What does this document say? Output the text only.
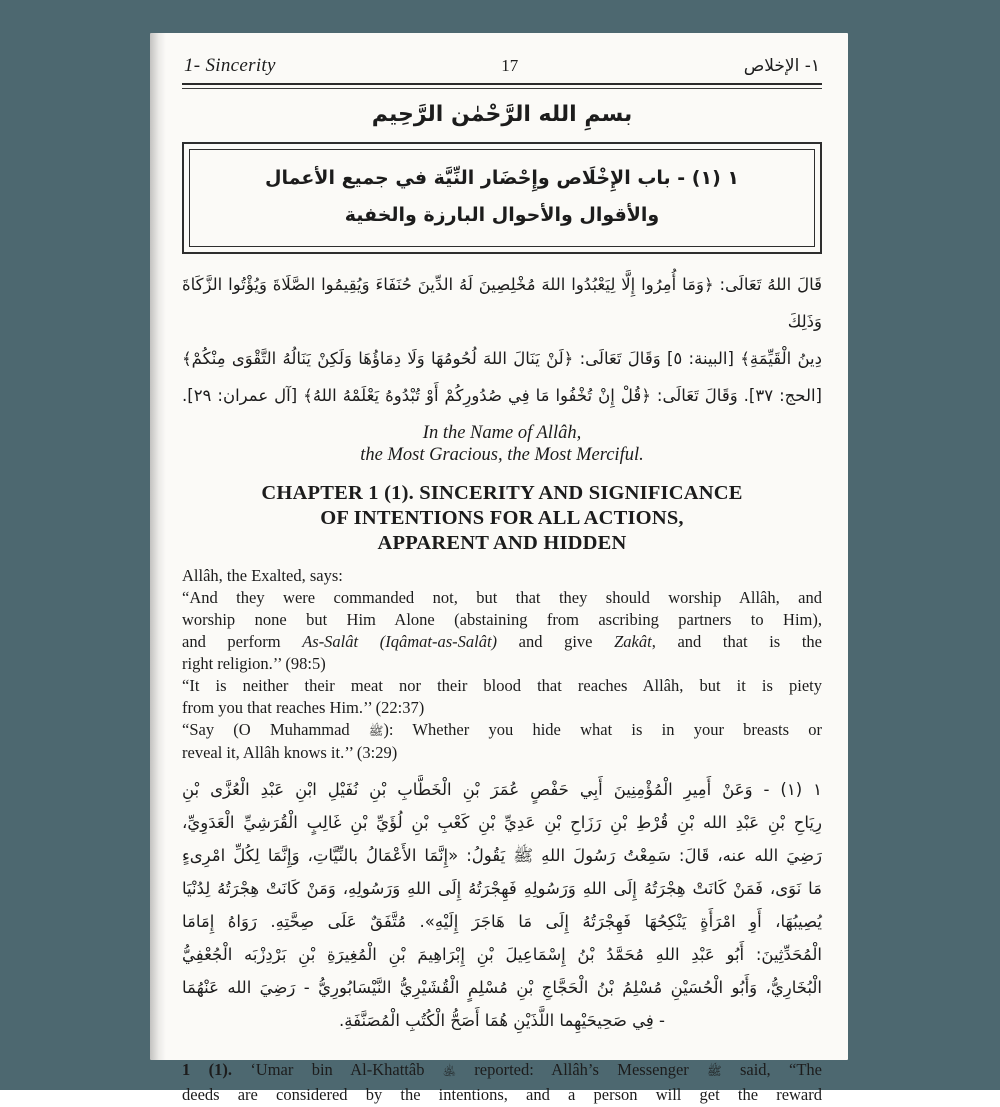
1- Sincerity	17	١- الإخلاص
بسمِ الله الرَّحْمٰن الرَّحِيم
١ (١) - باب الإِخْلَاص وإِحْضَار النِّيَّة في جميع الأعمال
والأقوال والأحوال البارزة والخفية
قَالَ اللهُ تَعَالَى: ﴿وَمَا أُمِرُوا إِلَّا لِيَعْبُدُوا اللهَ مُخْلِصِينَ لَهُ الدِّينَ حُنَفَاءَ وَيُقِيمُوا الصَّلَاةَ وَيُؤْتُوا الزَّكَاةَ وَذَلِكَ
دِينُ الْقَيِّمَةِ﴾ [البينة: ٥] وَقَالَ تَعَالَى: ﴿لَنْ يَنَالَ اللهَ لُحُومُهَا وَلَا دِمَاؤُهَا وَلَكِنْ يَنَالُهُ التَّقْوَى مِنْكُمْ﴾
[الحج: ٣٧]. وَقَالَ تَعَالَى: ﴿قُلْ إِنْ تُخْفُوا مَا فِي صُدُورِكُمْ أَوْ تُبْدُوهُ يَعْلَمْهُ اللهُ﴾ [آل عمران: ٢٩].
In the Name of Allâh,
the Most Gracious, the Most Merciful.
CHAPTER 1 (1). SINCERITY AND SIGNIFICANCE
OF INTENTIONS FOR ALL ACTIONS,
APPARENT AND HIDDEN
Allâh, the Exalted, says:
“And they were commanded not, but that they should worship Allâh, and
worship none but Him Alone (abstaining from ascribing partners to Him),
and perform As-Salât (Iqâmat-as-Salât) and give Zakât, and that is the
right religion.’’ (98:5)
“It is neither their meat nor their blood that reaches Allâh, but it is piety
from you that reaches Him.’’ (22:37)
“Say (O Muhammad ﷺ): Whether you hide what is in your breasts or
reveal it, Allâh knows it.’’ (3:29)
١ (١) - وَعَنْ أَمِيرِ الْمُؤْمِنِينَ أَبِي حَفْصٍ عُمَرَ بْنِ الْخَطَّابِ بْنِ نُفَيْلِ ابْنِ عَبْدِ الْعُزَّى بْنِ
رِيَاحِ بْنِ عَبْدِ الله بْنِ قُرْطِ بْنِ رَزَاحِ بْنِ عَدِيِّ بْنِ كَعْبِ بْنِ لُؤَيِّ بْنِ غَالِبٍ الْقُرَشِيِّ الْعَدَوِيِّ،
رَضِيَ الله عنه، قَالَ: سَمِعْتُ رَسُولَ اللهِ ﷺ يَقُولُ: «إِنَّمَا الأَعْمَالُ بالنِّيَّاتِ، وَإِنَّمَا لِكُلِّ امْرِىءٍ
مَا نَوَى، فَمَنْ كَانَتْ هِجْرَتُهُ إِلَى اللهِ وَرَسُولِهِ فَهِجْرَتُهُ إِلَى اللهِ وَرَسُولِهِ، وَمَنْ كَانَتْ هِجْرَتُهُ لِدُنْيَا
يُصِيبُهَا، أَوِ امْرَأَةٍ يَنْكِحُهَا فَهِجْرَتُهُ إِلَى مَا هَاجَرَ إِلَيْهِ». مُتَّفَقٌ عَلَى صِحَّتِهِ. رَوَاهُ إِمَامَا
الْمُحَدِّثِينَ: أَبُو عَبْدِ اللهِ مُحَمَّدُ بْنُ إِسْمَاعِيلَ بْنِ إِبْرَاهِيمَ بْنِ الْمُغِيرَةِ بْنِ بَرْدِزْبَه الْجُعْفِيُّ
الْبُخَارِيُّ، وَأَبُو الْحُسَيْنِ مُسْلِمُ بْنُ الْحَجَّاجِ بْنِ مُسْلِمٍ الْقُشَيْرِيُّ النَّيْسَابُورِيُّ - رَضِيَ الله عَنْهُمَا
- فِي صَحِيحَيْهِما اللَّذَيْنِ هُمَا أَصَحُّ الْكُتُبِ الْمُصَنَّفَةِ.
1 (1). ‘Umar bin Al-Khattâb ﵁ reported: Allâh’s Messenger ﷺ said, “The
deeds are considered by the intentions, and a person will get the reward
